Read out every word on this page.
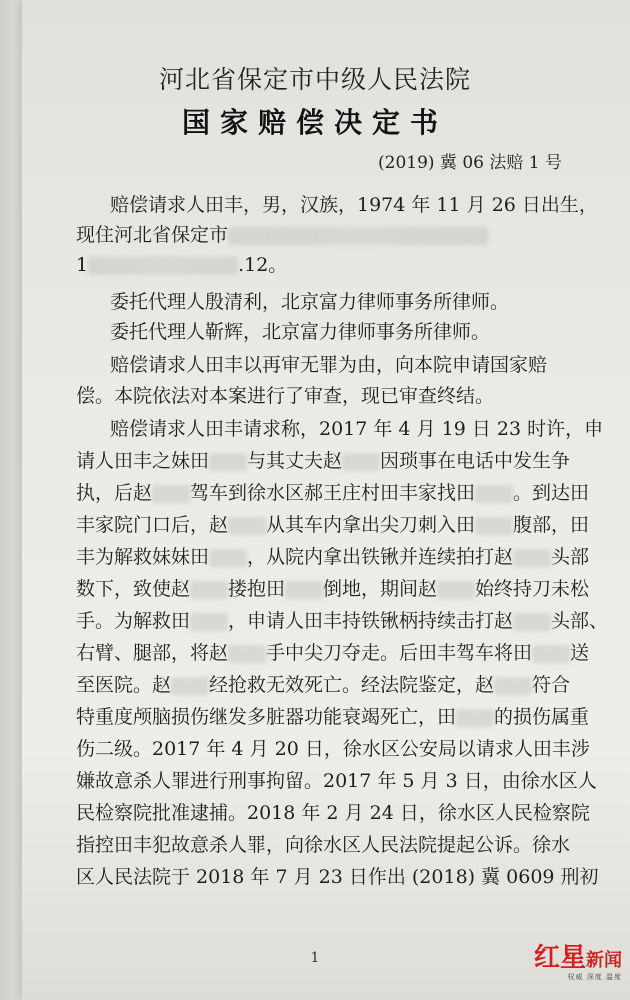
河北省保定市中级人民法院
国家赔偿决定书
(2019) 冀 06 法赔 1 号
赔偿请求人田丰，男，汉族，1974 年 11 月 26 日出生，
现住河北省保定市
1	.12。
委托代理人殷清利，北京富力律师事务所律师。
委托代理人靳辉，北京富力律师事务所律师。
赔偿请求人田丰以再审无罪为由，向本院申请国家赔
偿。本院依法对本案进行了审查，现已审查终结。
赔偿请求人田丰请求称，2017 年 4 月 19 日 23 时许，申
请人田丰之妹田 与其丈夫赵 因琐事在电话中发生争
执，后赵 驾车到徐水区郝王庄村田丰家找田 。到达田
丰家院门口后，赵 从其车内拿出尖刀刺入田 腹部，田
丰为解救妹妹田 ，从院内拿出铁锹并连续拍打赵 头部
数下，致使赵 搂抱田 倒地，期间赵 始终持刀未松
手。为解救田 ，申请人田丰持铁锹柄持续击打赵 头部、
右臂、腿部，将赵 手中尖刀夺走。后田丰驾车将田 送
至医院。赵 经抢救无效死亡。经法院鉴定，赵 符合
特重度颅脑损伤继发多脏器功能衰竭死亡，田 的损伤属重
伤二级。2017 年 4 月 20 日，徐水区公安局以请求人田丰涉
嫌故意杀人罪进行刑事拘留。2017 年 5 月 3 日，由徐水区人
民检察院批准逮捕。2018 年 2 月 24 日，徐水区人民检察院
指控田丰犯故意杀人罪，向徐水区人民法院提起公诉。徐水
区人民法院于 2018 年 7 月 23 日作出 (2018) 冀 0609 刑初
1	红星新闻
权威 深度 温度
